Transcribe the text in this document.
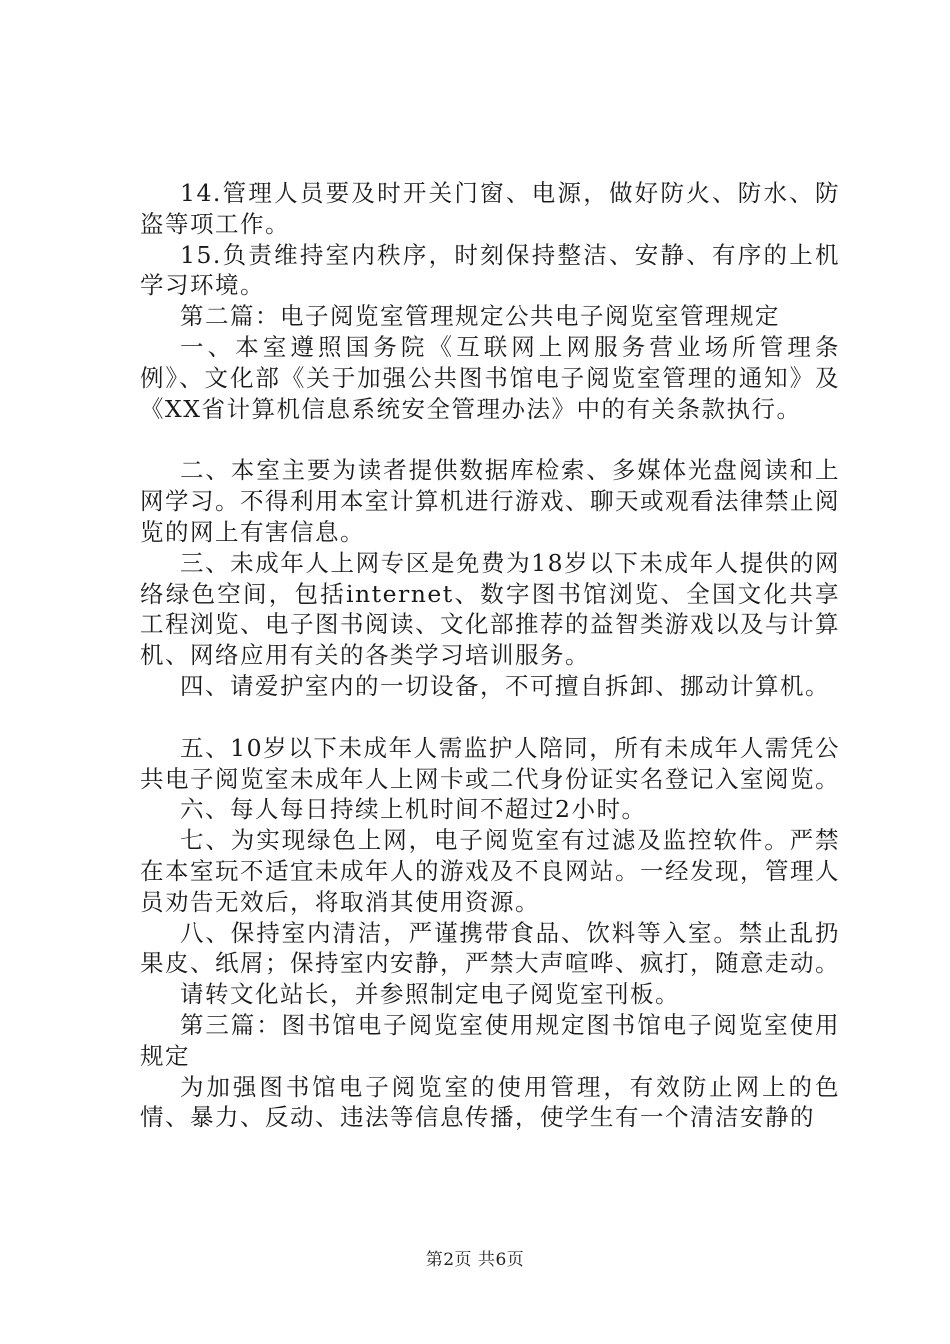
14.管理人员要及时开关门窗、电源，做好防火、防水、防盗等项工作。

15.负责维持室内秩序，时刻保持整洁、安静、有序的上机学习环境。

第二篇：电子阅览室管理规定公共电子阅览室管理规定

一、本室遵照国务院《互联网上网服务营业场所管理条例》、文化部《关于加强公共图书馆电子阅览室管理的通知》及《XX省计算机信息系统安全管理办法》中的有关条款执行。

二、本室主要为读者提供数据库检索、多媒体光盘阅读和上网学习。不得利用本室计算机进行游戏、聊天或观看法律禁止阅览的网上有害信息。

三、未成年人上网专区是免费为18岁以下未成年人提供的网络绿色空间，包括internet、数字图书馆浏览、全国文化共享工程浏览、电子图书阅读、文化部推荐的益智类游戏以及与计算机、网络应用有关的各类学习培训服务。

四、请爱护室内的一切设备，不可擅自拆卸、挪动计算机。

五、10岁以下未成年人需监护人陪同，所有未成年人需凭公共电子阅览室未成年人上网卡或二代身份证实名登记入室阅览。

六、每人每日持续上机时间不超过2小时。

七、为实现绿色上网，电子阅览室有过滤及监控软件。严禁在本室玩不适宜未成年人的游戏及不良网站。一经发现，管理人员劝告无效后，将取消其使用资源。

八、保持室内清洁，严谨携带食品、饮料等入室。禁止乱扔果皮、纸屑；保持室内安静，严禁大声喧哗、疯打，随意走动。

请转文化站长，并参照制定电子阅览室刊板。

第三篇：图书馆电子阅览室使用规定图书馆电子阅览室使用规定

为加强图书馆电子阅览室的使用管理，有效防止网上的色情、暴力、反动、违法等信息传播，使学生有一个清洁安静的

第2页 共6页
